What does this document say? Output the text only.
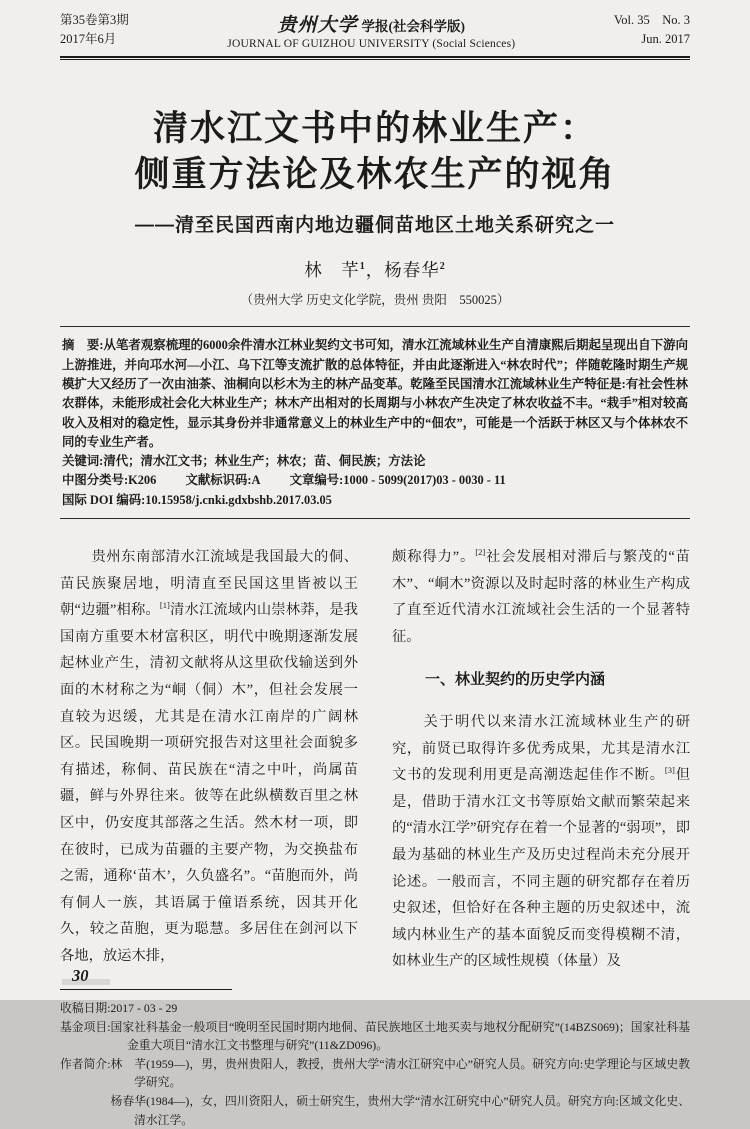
第35卷第3期
2017年6月
贵州大学 学报(社会科学版)
JOURNAL OF GUIZHOU UNIVERSITY (Social Sciences)
Vol. 35　No. 3
Jun. 2017
清水江文书中的林业生产：
侧重方法论及林农生产的视角
——清至民国西南内地边疆侗苗地区土地关系研究之一
林　芊$^1$，杨春华$^2$
（贵州大学 历史文化学院，贵州 贵阳　550025）

摘　要:从笔者观察梳理的6000余件清水江林业契约文书可知，清水江流域林业生产自清康熙后期起呈现出自下游向上游推进，并向邛水河—小江、乌下江等支流扩散的总体特征，并由此逐渐进入“林农时代”；伴随乾隆时期生产规模扩大又经历了一次由油茶、油桐向以杉木为主的林产品变革。乾隆至民国清水江流域林业生产特征是:有社会性林农群体，未能形成社会化大林业生产；林木产出相对的长周期与小林农产生决定了林农收益不丰。“栽手”相对较高收入及相对的稳定性，显示其身份并非通常意义上的林业生产中的“佃农”，可能是一个活跃于林区又与个体林农不同的专业生产者。

关键词:清代；清水江文书；林业生产；林农；苗、侗民族；方法论

中图分类号:K206 文献标识码:A 文章编号:1000 - 5099(2017)03 - 0030 - 11

国际 DOI 编码:10.15958/j.cnki.gdxbshb.2017.03.05

贵州东南部清水江流域是我国最大的侗、苗民族聚居地，明清直至民国这里皆被以王朝“边疆”相称。[1]清水江流域内山崇林莽，是我国南方重要木材富积区，明代中晚期逐渐发展起林业产生，清初文献将从这里砍伐输送到外面的木材称之为“峒（侗）木”，但社会发展一直较为迟缓，尤其是在清水江南岸的广阔林区。民国晚期一项研究报告对这里社会面貌多有描述，称侗、苗民族在“清之中叶，尚属苗疆，鲜与外界往来。彼等在此纵横数百里之林区中，仍安度其部落之生活。然木材一项，即在彼时，已成为苗疆的主要产物，为交换盐布之需，通称‘苗木’，久负盛名”。“苗胞而外，尚有侗人一族，其语属于僮语系统，因其开化久，较之苗胞，更为聪慧。多居住在剑河以下各地，放运木排，

颇称得力”。[2]社会发展相对滞后与繁茂的“苗木”、“峒木”资源以及时起时落的林业生产构成了直至近代清水江流域社会生活的一个显著特征。

一、林业契约的历史学内涵

关于明代以来清水江流域林业生产的研究，前贤已取得许多优秀成果，尤其是清水江文书的发现利用更是高潮迭起佳作不断。[3]但是，借助于清水江文书等原始文献而繁荣起来的“清水江学”研究存在着一个显著的“弱项”，即最为基础的林业生产及历史过程尚未充分展开论述。一般而言，不同主题的研究都存在着历史叙述，但恰好在各种主题的历史叙述中，流域内林业生产的基本面貌反而变得模糊不清，如林业生产的区域性规模（体量）及

收稿日期: 2017 - 03 - 29
基金项目: 国家社科基金一般项目“晚明至民国时期内地侗、苗民族地区土地买卖与地权分配研究”(14BZS069)；国家社科基金重大项目“清水江文书整理与研究”(11&ZD096)。
作者简介: 林　芊(1959—)，男，贵州贵阳人，教授，贵州大学“清水江研究中心”研究人员。研究方向:史学理论与区域史教学研究。
杨春华(1984—)，女，四川资阳人，硕士研究生，贵州大学“清水江研究中心”研究人员。研究方向:区域文化史、清水江学。
30
